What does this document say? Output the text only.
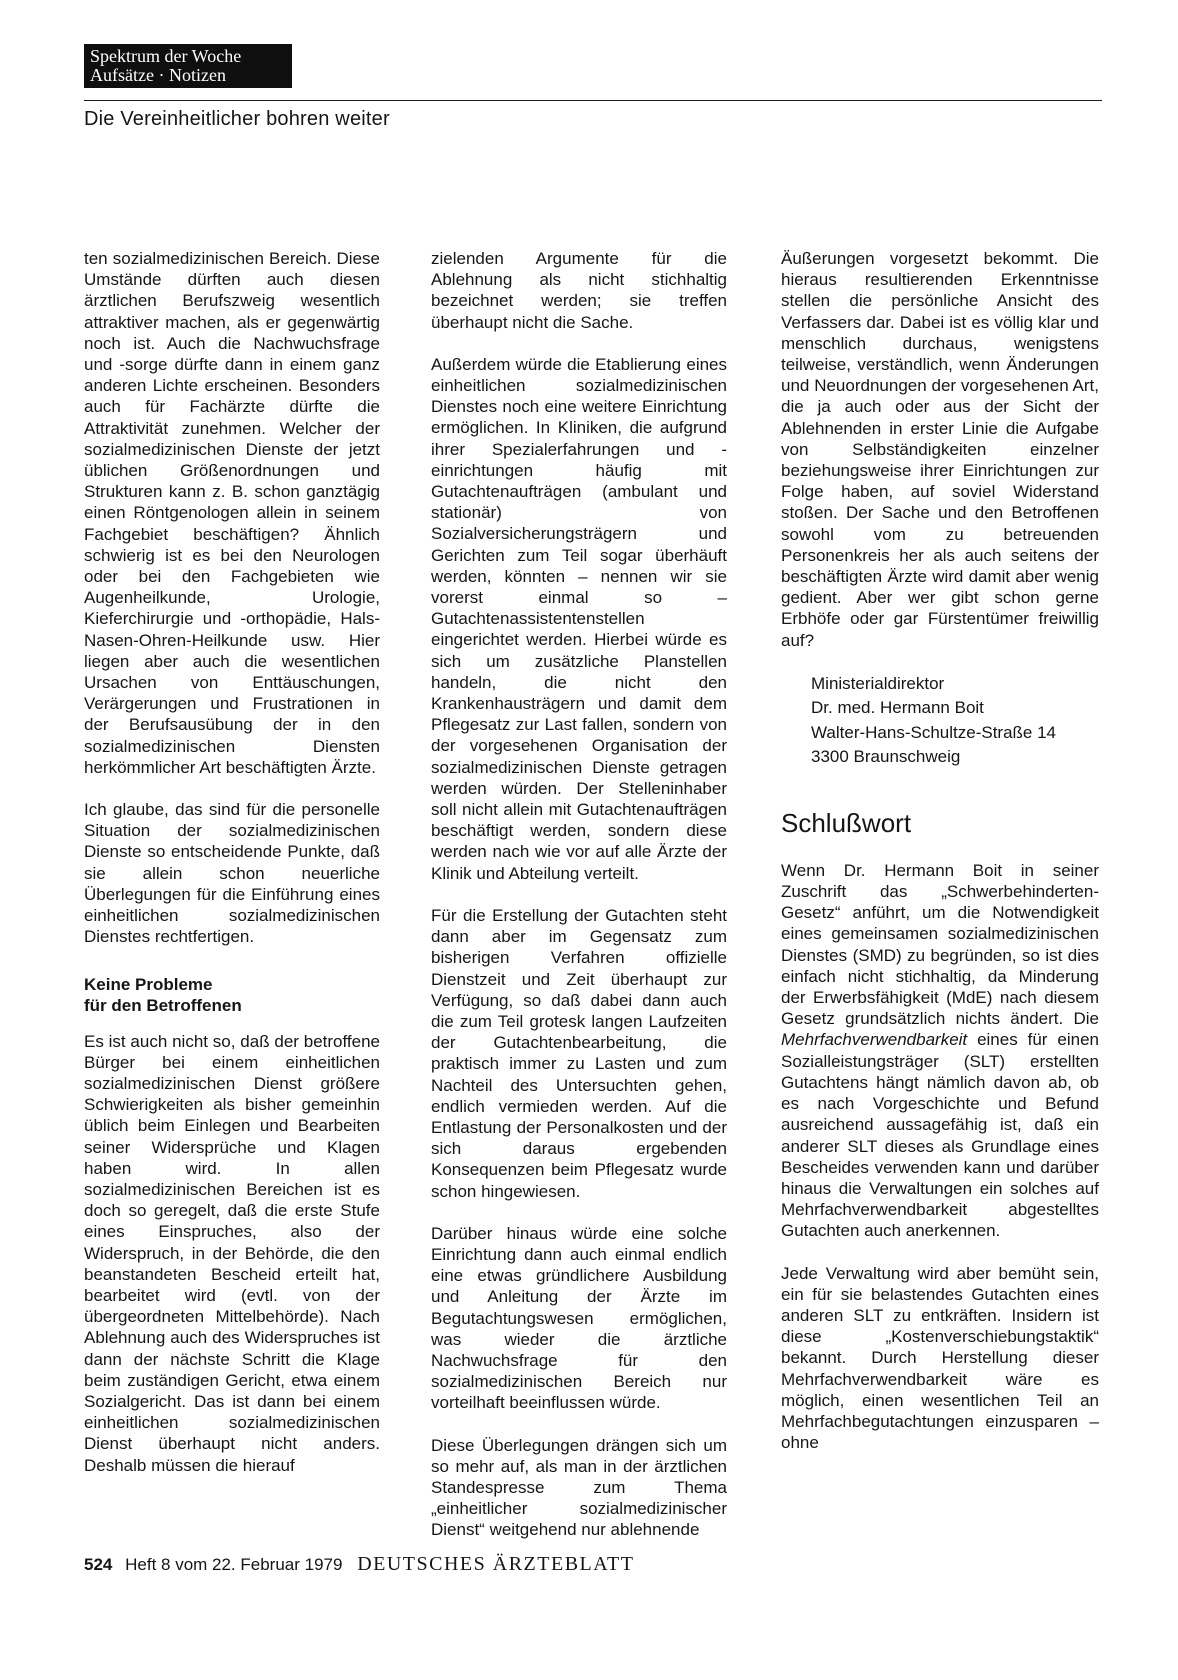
Spektrum der Woche
Aufsätze · Notizen
Die Vereinheitlicher bohren weiter

ten sozialmedizinischen Bereich. Diese Umstände dürften auch diesen ärztlichen Berufszweig wesentlich attraktiver machen, als er gegenwärtig noch ist. Auch die Nachwuchsfrage und -sorge dürfte dann in einem ganz anderen Lichte erscheinen. Besonders auch für Fachärzte dürfte die Attraktivität zunehmen. Welcher der sozialmedizinischen Dienste der jetzt üblichen Größenordnungen und Strukturen kann z. B. schon ganztägig einen Röntgenologen allein in seinem Fachgebiet beschäftigen? Ähnlich schwierig ist es bei den Neurologen oder bei den Fachgebieten wie Augenheilkunde, Urologie, Kieferchirurgie und -orthopädie, Hals-Nasen-Ohren-Heilkunde usw. Hier liegen aber auch die wesentlichen Ursachen von Enttäuschungen, Verärgerungen und Frustrationen in der Berufsausübung der in den sozialmedizinischen Diensten herkömmlicher Art beschäftigten Ärzte.

Ich glaube, das sind für die personelle Situation der sozialmedizinischen Dienste so entscheidende Punkte, daß sie allein schon neuerliche Überlegungen für die Einführung eines einheitlichen sozialmedizinischen Dienstes rechtfertigen.

Keine Probleme
für den Betroffenen

Es ist auch nicht so, daß der betroffene Bürger bei einem einheitlichen sozialmedizinischen Dienst größere Schwierigkeiten als bisher gemeinhin üblich beim Einlegen und Bearbeiten seiner Widersprüche und Klagen haben wird. In allen sozialmedizinischen Bereichen ist es doch so geregelt, daß die erste Stufe eines Einspruches, also der Widerspruch, in der Behörde, die den beanstandeten Bescheid erteilt hat, bearbeitet wird (evtl. von der übergeordneten Mittelbehörde). Nach Ablehnung auch des Widerspruches ist dann der nächste Schritt die Klage beim zuständigen Gericht, etwa einem Sozialgericht. Das ist dann bei einem einheitlichen sozialmedizinischen Dienst überhaupt nicht anders. Deshalb müssen die hierauf

zielenden Argumente für die Ablehnung als nicht stichhaltig bezeichnet werden; sie treffen überhaupt nicht die Sache.

Außerdem würde die Etablierung eines einheitlichen sozialmedizinischen Dienstes noch eine weitere Einrichtung ermöglichen. In Kliniken, die aufgrund ihrer Spezialerfahrungen und -einrichtungen häufig mit Gutachtenaufträgen (ambulant und stationär) von Sozialversicherungsträgern und Gerichten zum Teil sogar überhäuft werden, könnten – nennen wir sie vorerst einmal so – Gutachtenassistentenstellen eingerichtet werden. Hierbei würde es sich um zusätzliche Planstellen handeln, die nicht den Krankenhausträgern und damit dem Pflegesatz zur Last fallen, sondern von der vorgesehenen Organisation der sozialmedizinischen Dienste getragen werden würden. Der Stelleninhaber soll nicht allein mit Gutachtenaufträgen beschäftigt werden, sondern diese werden nach wie vor auf alle Ärzte der Klinik und Abteilung verteilt.

Für die Erstellung der Gutachten steht dann aber im Gegensatz zum bisherigen Verfahren offizielle Dienstzeit und Zeit überhaupt zur Verfügung, so daß dabei dann auch die zum Teil grotesk langen Laufzeiten der Gutachtenbearbeitung, die praktisch immer zu Lasten und zum Nachteil des Untersuchten gehen, endlich vermieden werden. Auf die Entlastung der Personalkosten und der sich daraus ergebenden Konsequenzen beim Pflegesatz wurde schon hingewiesen.

Darüber hinaus würde eine solche Einrichtung dann auch einmal endlich eine etwas gründlichere Ausbildung und Anleitung der Ärzte im Begutachtungswesen ermöglichen, was wieder die ärztliche Nachwuchsfrage für den sozialmedizinischen Bereich nur vorteilhaft beeinflussen würde.

Diese Überlegungen drängen sich um so mehr auf, als man in der ärztlichen Standespresse zum Thema „einheitlicher sozialmedizinischer Dienst“ weitgehend nur ablehnende

Äußerungen vorgesetzt bekommt. Die hieraus resultierenden Erkenntnisse stellen die persönliche Ansicht des Verfassers dar. Dabei ist es völlig klar und menschlich durchaus, wenigstens teilweise, verständlich, wenn Änderungen und Neuordnungen der vorgesehenen Art, die ja auch oder aus der Sicht der Ablehnenden in erster Linie die Aufgabe von Selbständigkeiten einzelner beziehungsweise ihrer Einrichtungen zur Folge haben, auf soviel Widerstand stoßen. Der Sache und den Betroffenen sowohl vom zu betreuenden Personenkreis her als auch seitens der beschäftigten Ärzte wird damit aber wenig gedient. Aber wer gibt schon gerne Erbhöfe oder gar Fürstentümer freiwillig auf?

Ministerialdirektor
Dr. med. Hermann Boit
Walter-Hans-Schultze-Straße 14
3300 Braunschweig
Schlußwort

Wenn Dr. Hermann Boit in seiner Zuschrift das „Schwerbehinderten-Gesetz“ anführt, um die Notwendigkeit eines gemeinsamen sozialmedizinischen Dienstes (SMD) zu begründen, so ist dies einfach nicht stichhaltig, da Minderung der Erwerbsfähigkeit (MdE) nach diesem Gesetz grundsätzlich nichts ändert. Die Mehrfachverwendbarkeit eines für einen Sozialleistungsträger (SLT) erstellten Gutachtens hängt nämlich davon ab, ob es nach Vorgeschichte und Befund ausreichend aussagefähig ist, daß ein anderer SLT dieses als Grundlage eines Bescheides verwenden kann und darüber hinaus die Verwaltungen ein solches auf Mehrfachverwendbarkeit abgestelltes Gutachten auch anerkennen.

Jede Verwaltung wird aber bemüht sein, ein für sie belastendes Gutachten eines anderen SLT zu entkräften. Insidern ist diese „Kostenverschiebungstaktik“ bekannt. Durch Herstellung dieser Mehrfachverwendbarkeit wäre es möglich, einen wesentlichen Teil an Mehrfachbegutachtungen einzusparen – ohne

524 Heft 8 vom 22. Februar 1979 DEUTSCHES ÄRZTEBLATT
